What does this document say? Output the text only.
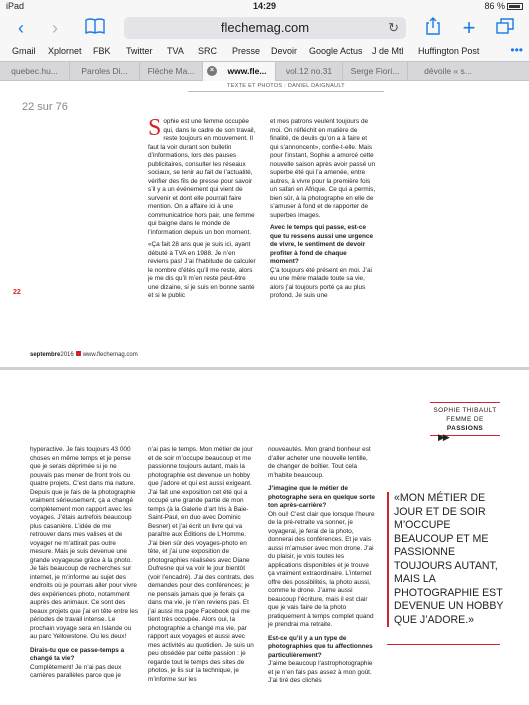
iPad	14:29	86 %
‹	›	flechemag.com	↻	+
Gmail Xplornet FBK Twitter TVA SRC Presse Devoir Google Actus J de Mtl Huffington Post	•••
quebec.hu...	Paroles Di...	Flèche Ma...	×	www.fle...	vol.12 no.31	Serge Fiori...	dévoile « s...
TEXTE ET PHOTOS : DANIEL DAIGNAULT
22 sur 76
22
S ophie est une femme occupée qui, dans le cadre de son travail, reste toujours en mouvement. Il faut la voir durant son bulletin d’informations, lors des pauses publicitaires, consulter les réseaux sociaux, se tenir au fait de l’actualité, vérifier des fils de presse pour savoir s’il y a un événement qui vient de survenir et dont elle pourrait faire mention. On a affaire ici à une communicatrice hors pair, une femme qui baigne dans le monde de l’information depuis un bon moment.

«Ça fait 28 ans que je suis ici, ayant débuté à TVA en 1988. Je n’en reviens pas! J’ai l’habitude de calculer le nombre d’étés qu’il me reste, alors je me dis qu’il m’en reste peut-être une dizaine, si je suis en bonne santé et si le public

et mes patrons veulent toujours de moi. On réfléchit en matière de finalité, de deuils qu’on a à faire et qui s’annoncent», confie-t-elle. Mais pour l’instant, Sophie a amorcé cette nouvelle saison après avoir passé un superbe été qui l’a amenée, entre autres, à vivre pour la première fois un safari en Afrique. Ce qui a permis, bien sûr, à la photographe en elle de s’amuser à fond et de rapporter de superbes images.

Avec le temps qui passe, est-ce que tu ressens aussi une urgence de vivre, le sentiment de devoir profiter à fond de chaque moment?

Ç’a toujours été présent en moi. J’ai eu une mère malade toute sa vie, alors j’ai toujours porté ça au plus profond. Je suis une

septembre2016 www.flechemag.com
SOPHIE THIBAULT
FEMME DE
PASSIONS
▶▶

hyperactive. Je fais toujours 43 000 choses en même temps et je pense que je serais déprimée si je ne pouvais pas mener de front trois ou quatre projets. C’est dans ma nature. Depuis que je fais de la photographie vraiment sérieusement, ça a changé complètement mon rapport avec les voyages. J’étais autrefois beaucoup plus casanière. L’idée de me retrouver dans mes valises et de voyager ne m’attirait pas outre mesure. Mais je suis devenue une grande voyageuse grâce à la photo. Je fais beaucoup de recherches sur internet, je m’informe au sujet des endroits où je pourrais aller pour vivre des expériences photo, notamment auprès des animaux. Ce sont des beaux projets que j’ai en tête entre les périodes de travail intense. Le prochain voyage sera en Islande ou au parc Yellowstone. Ou les deux!

Dirais-tu que ce passe-temps a changé ta vie?

Complètement! Je n’ai pas deux carrières parallèles parce que je

n’ai pas le temps. Mon métier de jour et de soir m’occupe beaucoup et me passionne toujours autant, mais la photographie est devenue un hobby que j’adore et qui est aussi exigeant. J’ai fait une exposition cet été qui a occupé une grande partie de mon temps (à la Galerie d’art Iris à Baie-Saint-Paul, en duo avec Dominic Besner) et j’ai écrit un livre qui va paraître aux Éditions de L’Homme. J’ai bien sûr des voyages-photo en tête, et j’ai une exposition de photographies réalisées avec Diane Dufresne qui va voir le jour bientôt (voir l’encadré). J’ai des contrats, des demandes pour des conférences; je ne pensais jamais que je ferais ça dans ma vie, je n’en reviens pas. Et j’ai aussi ma page Facebook qui me tient très occupée. Alors oui, la photographie a changé ma vie, par rapport aux voyages et aussi avec mes activités au quotidien. Je suis un peu obsédée par cette passion : je regarde tout le temps des sites de photos, je lis sur la technique, je m’informe sur les

nouveautés. Mon grand bonheur est d’aller acheter une nouvelle lentille, de changer de boîtier. Tout cela m’habite beaucoup.

J’imagine que le métier de photographe sera en quelque sorte ton après-carrière?

Oh oui! C’est clair que lorsque l’heure de la pré-retraite va sonner, je voyagerai, je ferai de la photo, donnerai des conférences. Et je vais aussi m’amuser avec mon drone. J’ai du plaisir, je vois toutes les applications disponibles et je trouve ça vraiment extraordinaire. L’internet offre des possibilités, la photo aussi, comme le drone. J’aime aussi beaucoup l’écriture, mais il est clair que je vais faire de la photo pratiquement à temps complet quand je prendrai ma retraite.

Est-ce qu’il y a un type de photographies que tu affectionnes particulièrement?

J’aime beaucoup l’astrophotographie et je n’en fais pas assez à mon goût. J’ai tiré des clichés

«MON MÉTIER DE JOUR ET DE SOIR M’OCCUPE BEAUCOUP ET ME PASSIONNE TOUJOURS AUTANT, MAIS LA PHOTOGRAPHIE EST DEVENUE UN HOBBY QUE J’ADORE.»
